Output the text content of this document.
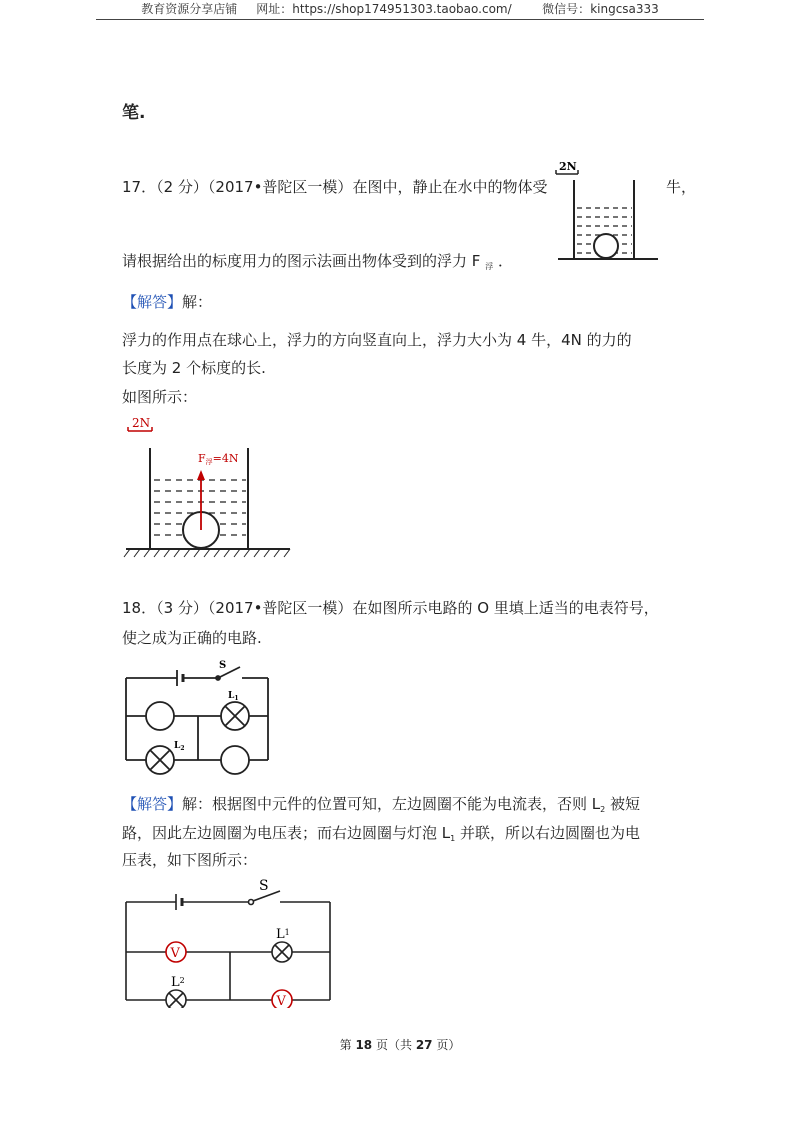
教育资源分享店铺 网址：https://shop174951303.taobao.com/	微信号：kingcsa333
笔.
17．（2 分）（2017•普陀区一模）在图中，静止在水中的物体受	牛，
2N
请根据给出的标度用力的图示法画出物体受到的浮力 F $_浮$ ．
【解答】解：
浮力的作用点在球心上，浮力的方向竖直向上，浮力大小为 4 牛，4N 的力的
长度为 2 个标度的长.
如图所示：
2N
F浮=4N
18．（3 分）（2017•普陀区一模）在如图所示电路的 O 里填上适当的电表符号，
使之成为正确的电路.
S
$L_1$
$L_2$
【解答】解：根据图中元件的位置可知，左边圆圈不能为电流表，否则 $L_2$ 被短
路，因此左边圆圈为电压表；而右边圆圈与灯泡 $L_1$ 并联，所以右边圆圈也为电
压表，如下图所示：
V
V
S
$L^1$
$L^2$
第 18 页（共 27 页）
